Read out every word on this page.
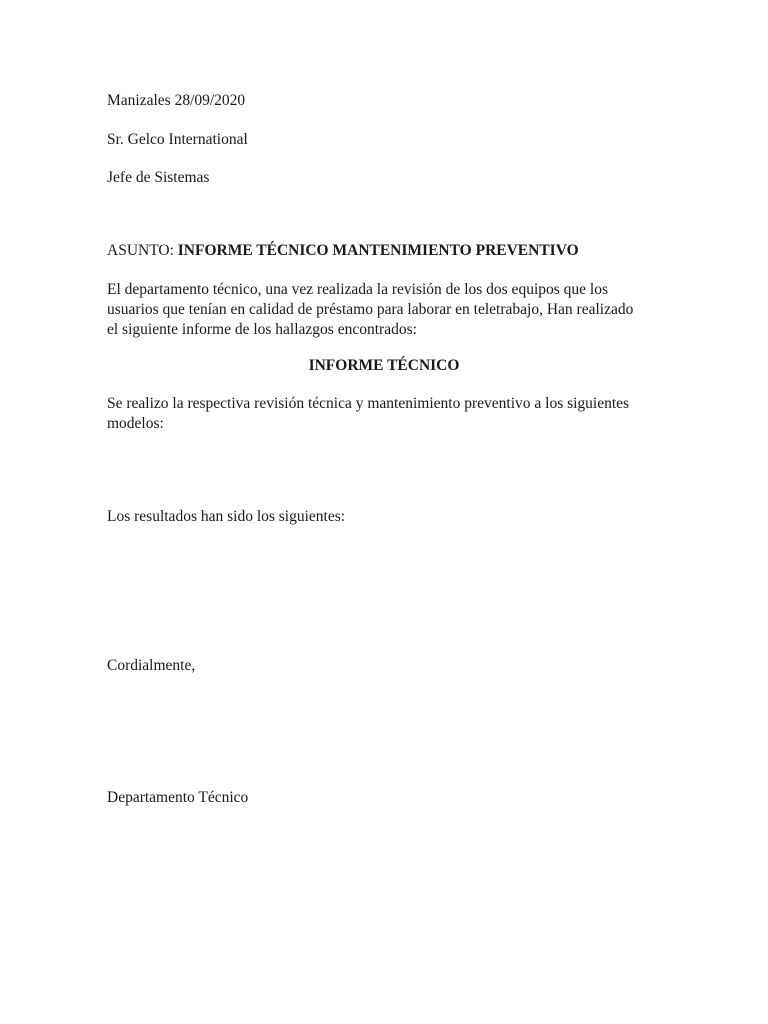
Manizales 28/09/2020
Sr. Gelco International
Jefe de Sistemas
ASUNTO: INFORME TÉCNICO MANTENIMIENTO PREVENTIVO

El departamento técnico, una vez realizada la revisión de los dos equipos que los

usuarios que tenían en calidad de préstamo para laborar en teletrabajo, Han realizado

el siguiente informe de los hallazgos encontrados:

INFORME TÉCNICO

Se realizo la respectiva revisión técnica y mantenimiento preventivo a los siguientes

modelos:

Los resultados han sido los siguientes:
Cordialmente,
Departamento Técnico
